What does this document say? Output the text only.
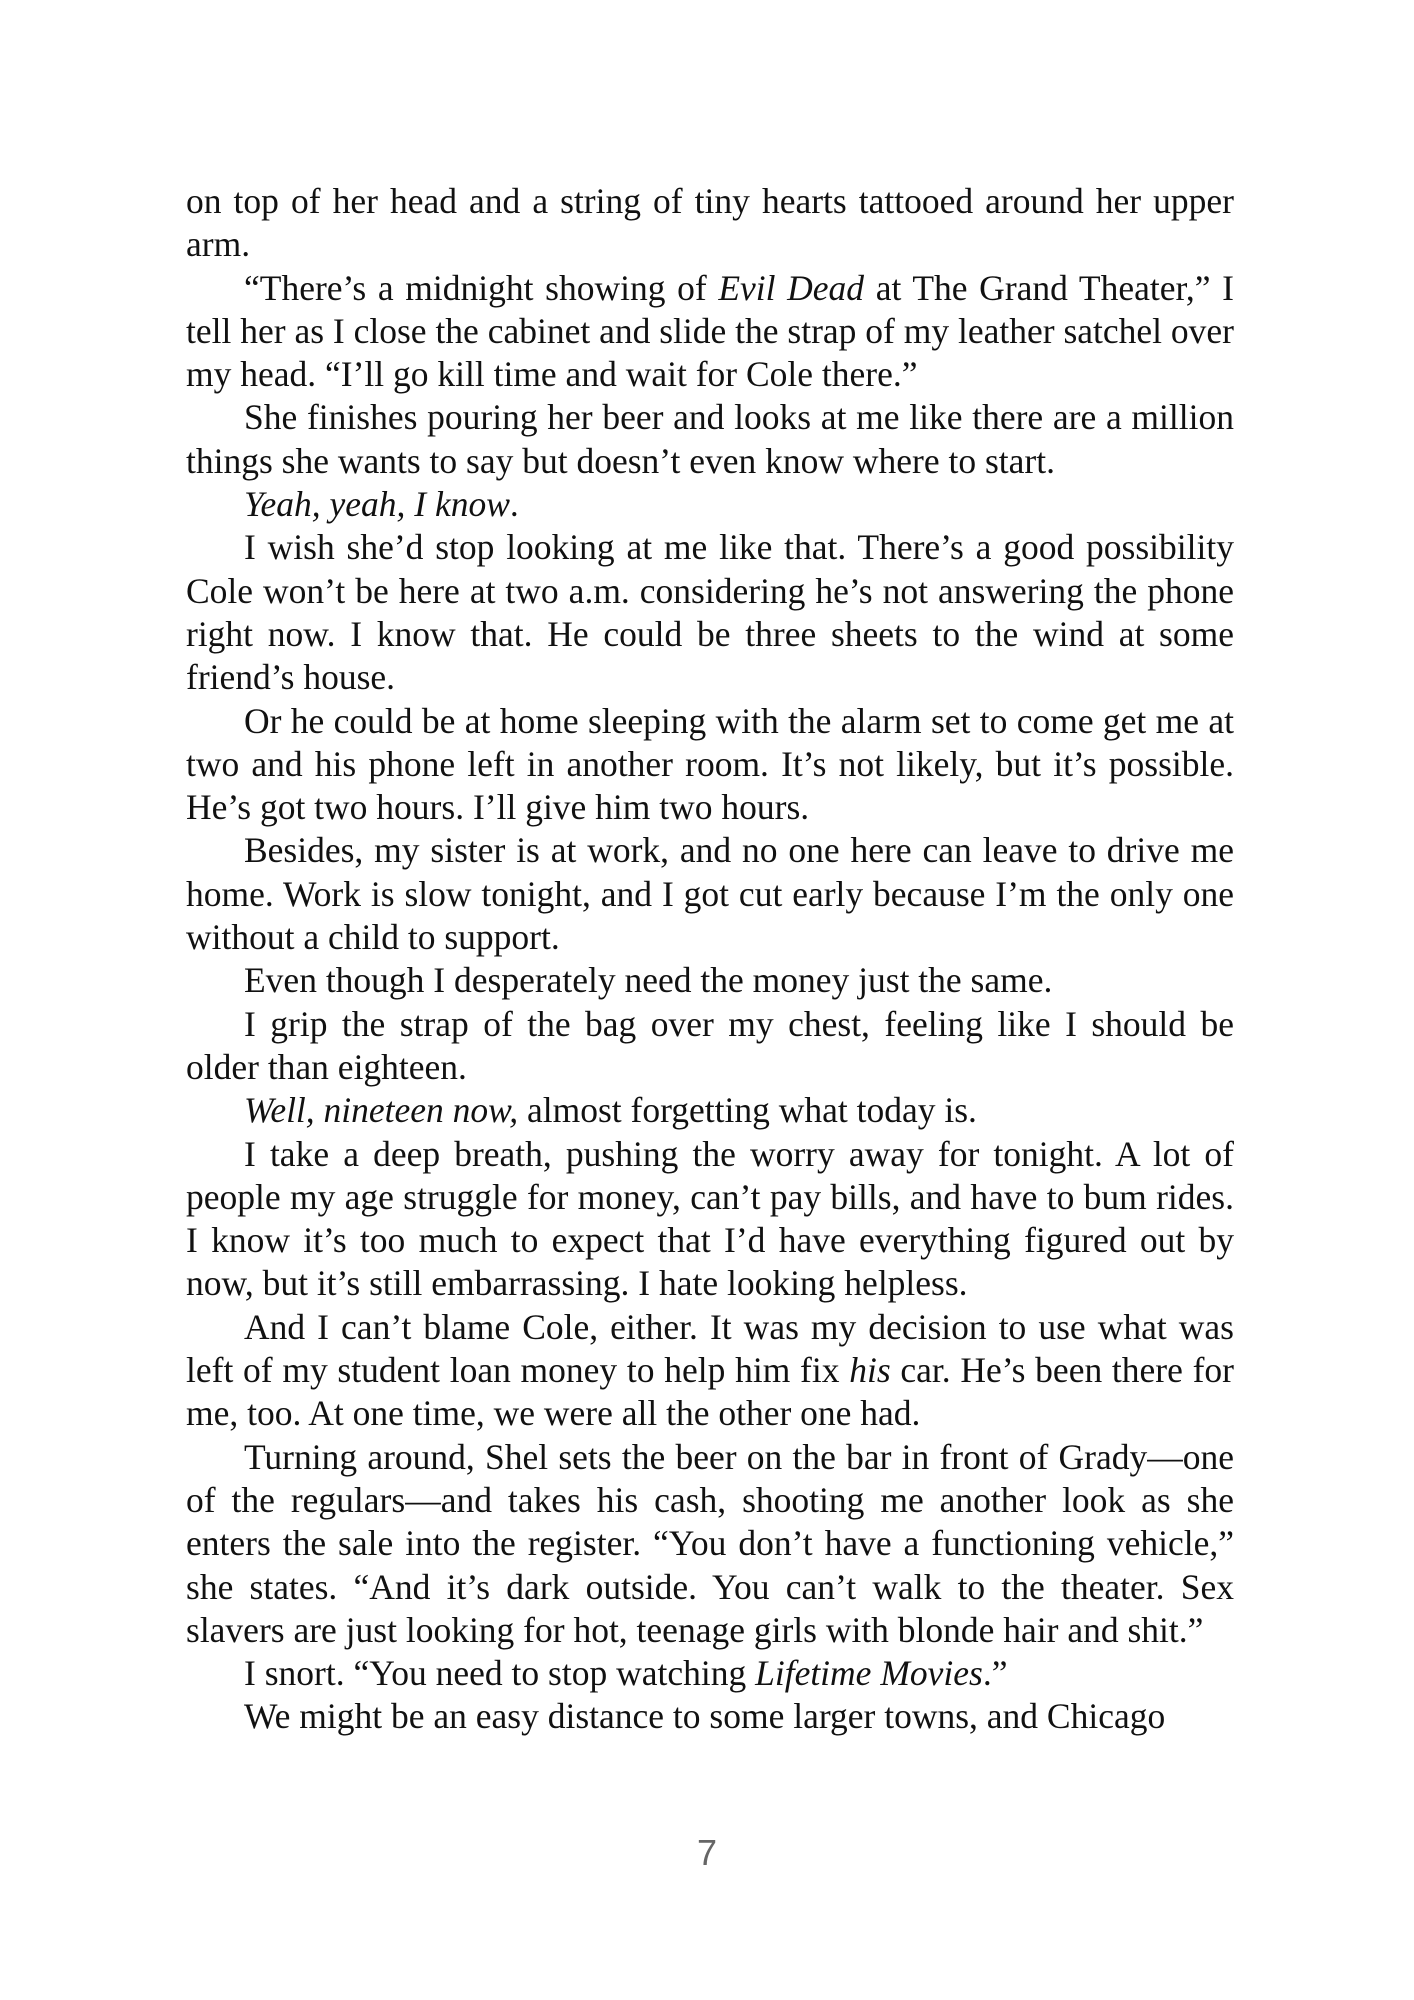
on top of her head and a string of tiny hearts tattooed around her upper arm.

“There’s a midnight showing of Evil Dead at The Grand Theater,” I tell her as I close the cabinet and slide the strap of my leather satchel over my head. “I’ll go kill time and wait for Cole there.”

She finishes pouring her beer and looks at me like there are a million things she wants to say but doesn’t even know where to start.

Yeah, yeah, I know.

I wish she’d stop looking at me like that. There’s a good possibility Cole won’t be here at two a.m. considering he’s not answering the phone right now. I know that. He could be three sheets to the wind at some friend’s house.

Or he could be at home sleeping with the alarm set to come get me at two and his phone left in another room. It’s not likely, but it’s possible. He’s got two hours. I’ll give him two hours.

Besides, my sister is at work, and no one here can leave to drive me home. Work is slow tonight, and I got cut early because I’m the only one without a child to support.

Even though I desperately need the money just the same.

I grip the strap of the bag over my chest, feeling like I should be older than eighteen.

Well, nineteen now, almost forgetting what today is.

I take a deep breath, pushing the worry away for tonight. A lot of people my age struggle for money, can’t pay bills, and have to bum rides. I know it’s too much to expect that I’d have everything figured out by now, but it’s still embarrassing. I hate looking helpless.

And I can’t blame Cole, either. It was my decision to use what was left of my student loan money to help him fix his car. He’s been there for me, too. At one time, we were all the other one had.

Turning around, Shel sets the beer on the bar in front of Grady—one of the regulars—and takes his cash, shooting me another look as she enters the sale into the register. “You don’t have a functioning vehicle,” she states. “And it’s dark outside. You can’t walk to the theater. Sex slavers are just looking for hot, teenage girls with blonde hair and shit.”

I snort. “You need to stop watching Lifetime Movies.”

We might be an easy distance to some larger towns, and Chicago

7
